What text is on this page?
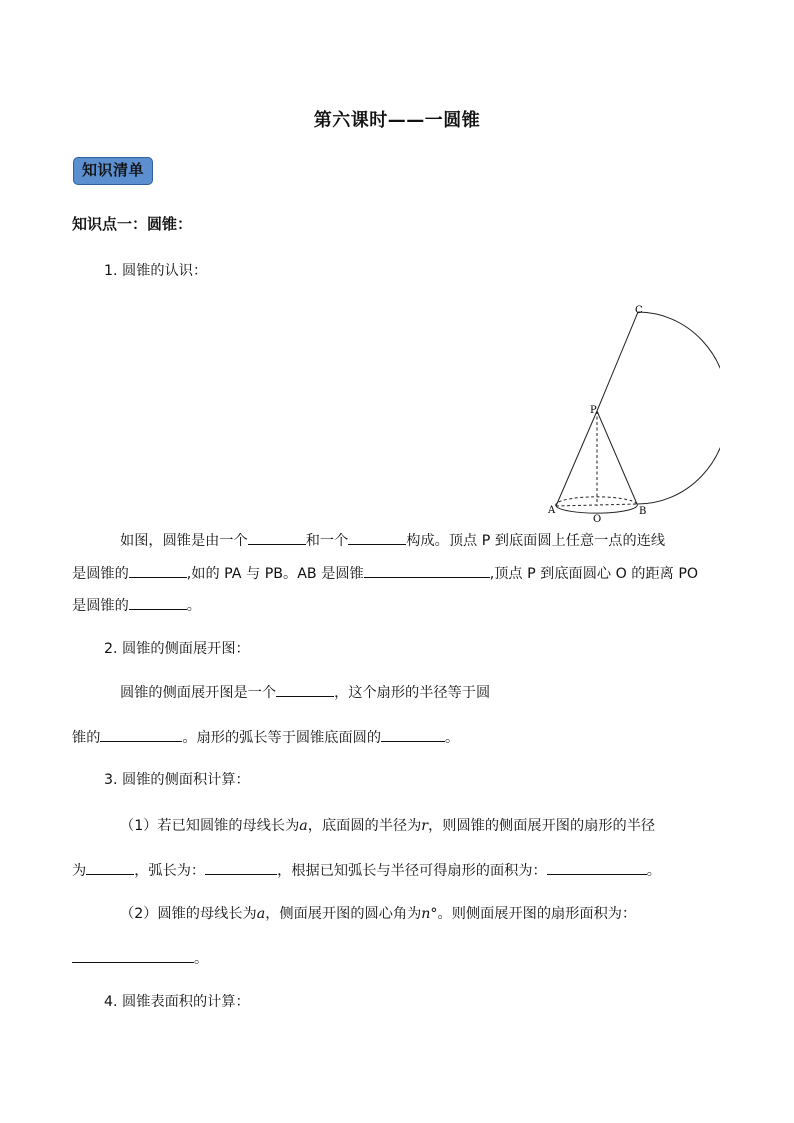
第六课时——一圆锥
知识清单
知识点一：圆锥：
1. 圆锥的认识：
C
P
A	B
O
如图，圆锥是由一个	和一个	构成。顶点 P 到底面圆上任意一点的连线
是圆锥的	,如的 PA 与 PB。AB 是圆锥	,顶点 P 到底面圆心 O 的距离 PO
是圆锥的	。
2. 圆锥的侧面展开图：
圆锥的侧面展开图是一个	，这个扇形的半径等于圆
锥的	。扇形的弧长等于圆锥底面圆的	。
3. 圆锥的侧面积计算：
（1）若已知圆锥的母线长为a，底面圆的半径为r，则圆锥的侧面展开图的扇形的半径
为	，弧长为：	，根据已知弧长与半径可得扇形的面积为：	。
（2）圆锥的母线长为a，侧面展开图的圆心角为n°。则侧面展开图的扇形面积为：
。
4. 圆锥表面积的计算：
